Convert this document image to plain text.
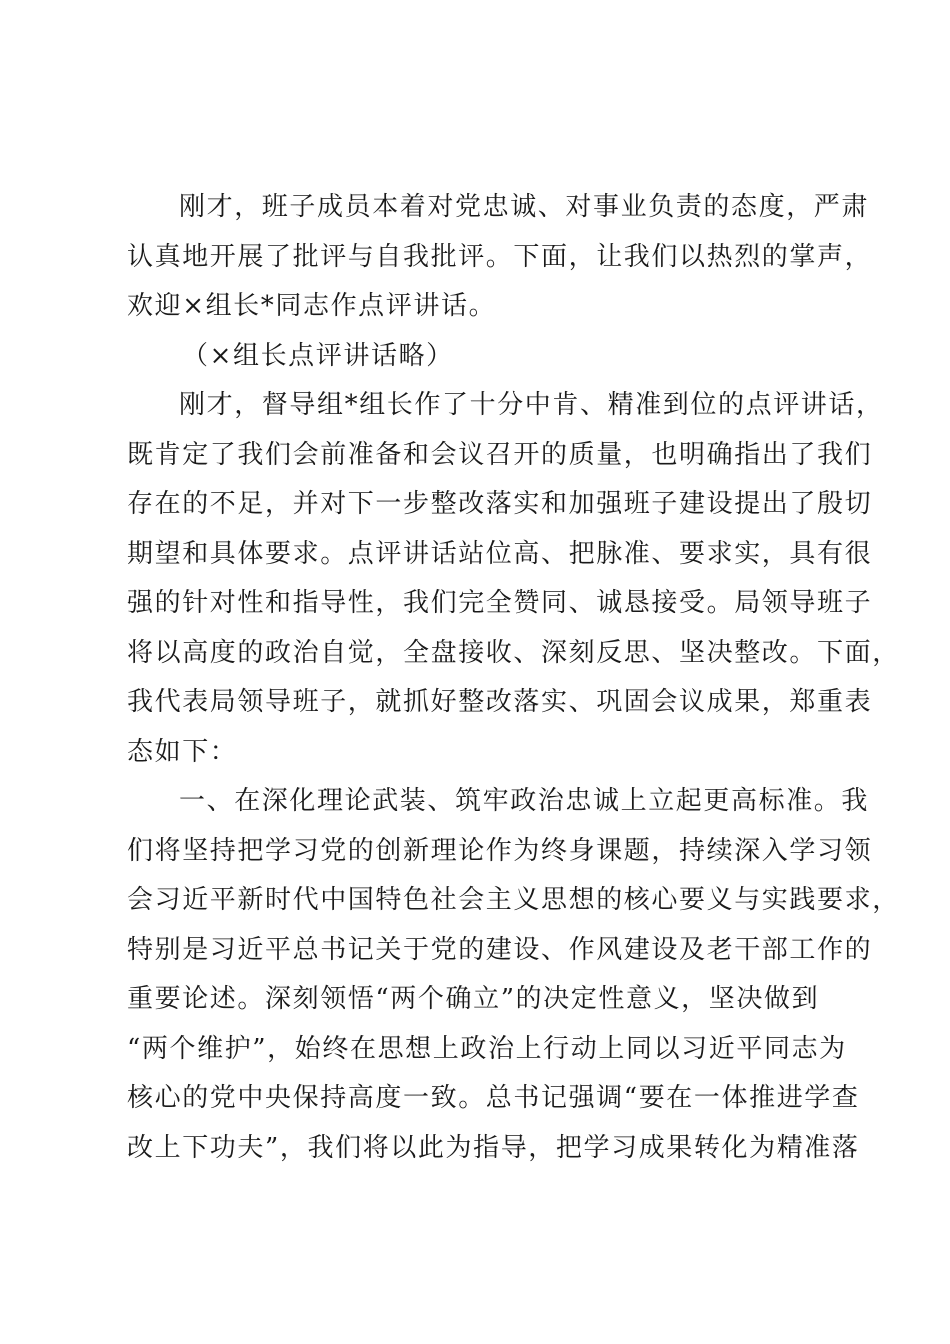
刚才，班子成员本着对党忠诚、对事业负责的态度，严肃
认真地开展了批评与自我批评。下面，让我们以热烈的掌声，
欢迎×组长*同志作点评讲话。
（×组长点评讲话略）
刚才，督导组*组长作了十分中肯、精准到位的点评讲话，
既肯定了我们会前准备和会议召开的质量，也明确指出了我们
存在的不足，并对下一步整改落实和加强班子建设提出了殷切
期望和具体要求。点评讲话站位高、把脉准、要求实，具有很
强的针对性和指导性，我们完全赞同、诚恳接受。局领导班子
将以高度的政治自觉，全盘接收、深刻反思、坚决整改。下面，
我代表局领导班子，就抓好整改落实、巩固会议成果，郑重表
态如下：
一、在深化理论武装、筑牢政治忠诚上立起更高标准。我
们将坚持把学习党的创新理论作为终身课题，持续深入学习领
会习近平新时代中国特色社会主义思想的核心要义与实践要求，
特别是习近平总书记关于党的建设、作风建设及老干部工作的
重要论述。深刻领悟“两个确立”的决定性意义，坚决做到
“两个维护”，始终在思想上政治上行动上同以习近平同志为
核心的党中央保持高度一致。总书记强调“要在一体推进学查
改上下功夫”，我们将以此为指导，把学习成果转化为精准落
